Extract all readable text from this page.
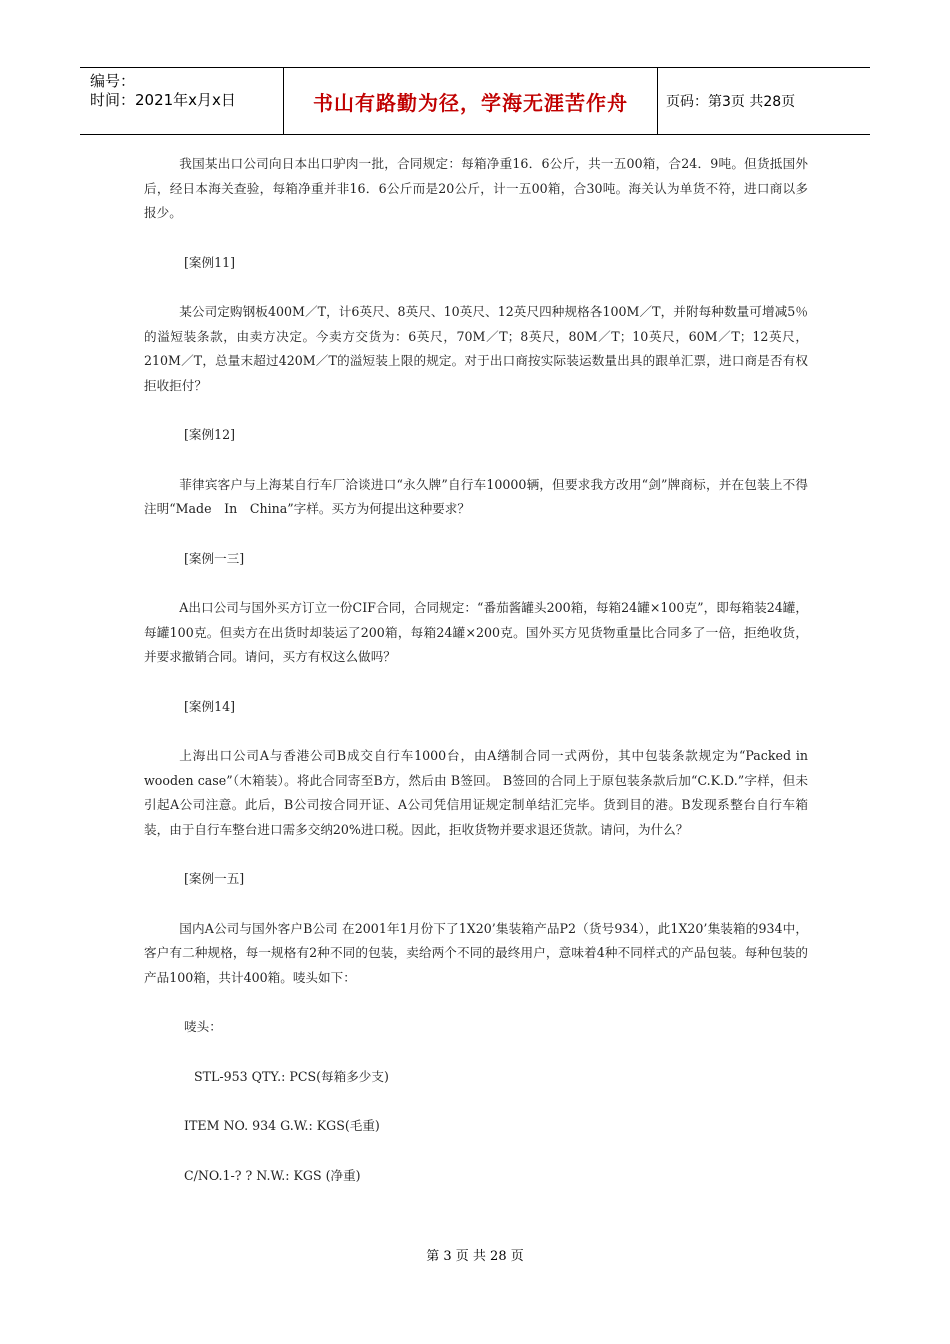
编号：
时间：2021年x月x日	书山有路勤为径，学海无涯苦作舟	页码：第3页 共28页

我国某出口公司向日本出口驴肉一批，合同规定：每箱净重16．6公斤，共一五00箱，合24．9吨。但货抵国外后，经日本海关查验，每箱净重并非16．6公斤而是20公斤，计一五00箱，合30吨。海关认为单货不符，进口商以多报少。

[案例11]

某公司定购钢板400M／T，计6英尺、8英尺、10英尺、12英尺四种规格各100M／T，并附每种数量可增减5％的溢短装条款，由卖方决定。今卖方交货为：6英尺，70M／T；8英尺，80M／T；10英尺，60M／T；12英尺，210M／T，总量末超过420M／T的溢短装上限的规定。对于出口商按实际装运数量出具的跟单汇票，进口商是否有权拒收拒付？

[案例12]

菲律宾客户与上海某自行车厂洽谈进口“永久牌”自行车10000辆，但要求我方改用“剑”牌商标，并在包装上不得注明“Made　In　China”字样。买方为何提出这种要求？

[案例一三]

A出口公司与国外买方订立一份CIF合同，合同规定：“番茄酱罐头200箱，每箱24罐×100克”，即每箱装24罐，每罐100克。但卖方在出货时却装运了200箱，每箱24罐×200克。国外买方见货物重量比合同多了一倍，拒绝收货，并要求撤销合同。请问，买方有权这么做吗？

[案例14]

上海出口公司A与香港公司B成交自行车1000台，由A缮制合同一式两份，其中包装条款规定为“Packed in wooden case”（木箱装）。将此合同寄至B方，然后由 B签回。 B签回的合同上于原包装条款后加“C.K.D.”字样，但未引起A公司注意。此后，B公司按合同开证、A公司凭信用证规定制单结汇完毕。货到目的港。B发现系整台自行车箱装，由于自行车整台进口需多交纳20%进口税。因此，拒收货物并要求退还货款。请问，为什么？

[案例一五]

国内A公司与国外客户B公司 在2001年1月份下了1X20’集装箱产品P2（货号934），此1X20’集装箱的934中，客户有二种规格，每一规格有2种不同的包装，卖给两个不同的最终用户，意味着4种不同样式的产品包装。每种包装的产品100箱，共计400箱。唛头如下：

唛头：

STL-953 QTY.: PCS(每箱多少支)

ITEM NO. 934 G.W.: KGS(毛重)

C/NO.1-? ? N.W.: KGS (净重)

第 3 页 共 28 页
